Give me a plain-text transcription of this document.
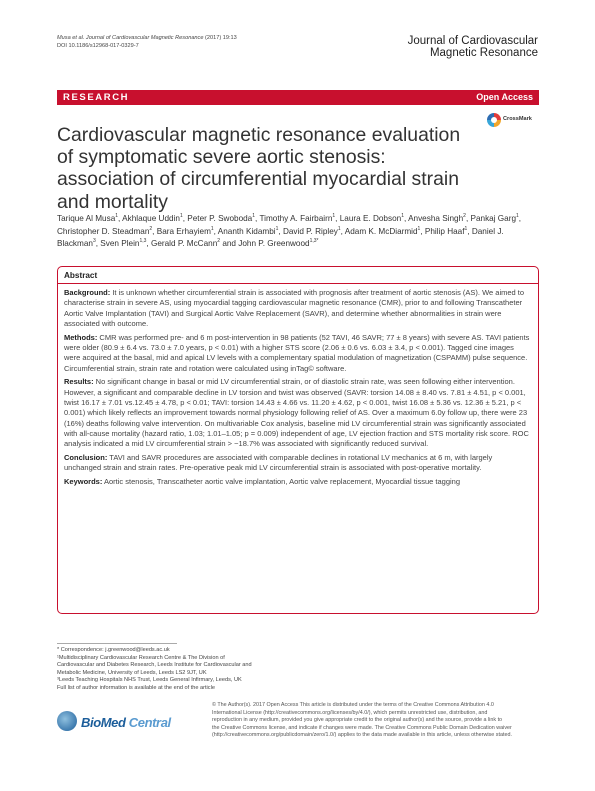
Musa et al. Journal of Cardiovascular Magnetic Resonance (2017) 19:13
DOI 10.1186/s12968-017-0329-7	Journal of Cardiovascular
Magnetic Resonance
RESEARCH	Open Access
CrossMark
Cardiovascular magnetic resonance evaluation of symptomatic severe aortic stenosis: association of circumferential myocardial strain and mortality
Tarique Al Musa$^1$, Akhlaque Uddin$^1$, Peter P. Swoboda$^1$, Timothy A. Fairbairn$^1$, Laura E. Dobson$^1$, Anvesha Singh$^2$, Pankaj Garg$^1$, Christopher D. Steadman$^2$, Bara Erhayiem$^1$, Ananth Kidambi$^1$, David P. Ripley$^1$, Adam K. McDiarmid$^1$, Philip Haaf$^1$, Daniel J. Blackman$^3$, Sven Plein$^{1,3}$, Gerald P. McCann$^2$ and John P. Greenwood$^{1,3*}$
Abstract

Background: It is unknown whether circumferential strain is associated with prognosis after treatment of aortic stenosis (AS). We aimed to characterise strain in severe AS, using myocardial tagging cardiovascular magnetic resonance (CMR), prior to and following Transcatheter Aortic Valve Implantation (TAVI) and Surgical Aortic Valve Replacement (SAVR), and determine whether abnormalities in strain were associated with outcome.

Methods: CMR was performed pre- and 6 m post-intervention in 98 patients (52 TAVI, 46 SAVR; 77 ± 8 years) with severe AS. TAVI patients were older (80.9 ± 6.4 vs. 73.0 ± 7.0 years, p < 0.01) with a higher STS score (2.06 ± 0.6 vs. 6.03 ± 3.4, p < 0.001). Tagged cine images were acquired at the basal, mid and apical LV levels with a complementary spatial modulation of magnetization (CSPAMM) pulse sequence. Circumferential strain, strain rate and rotation were calculated using inTag© software.

Results: No significant change in basal or mid LV circumferential strain, or of diastolic strain rate, was seen following either intervention. However, a significant and comparable decline in LV torsion and twist was observed (SAVR: torsion 14.08 ± 8.40 vs. 7.81 ± 4.51, p < 0.001, twist 16.17 ± 7.01 vs.12.45 ± 4.78, p < 0.01; TAVI: torsion 14.43 ± 4.66 vs. 11.20 ± 4.62, p < 0.001, twist 16.08 ± 5.36 vs. 12.36 ± 5.21, p < 0.001) which likely reflects an improvement towards normal physiology following relief of AS. Over a maximum 6.0y follow up, there were 23 (16%) deaths following valve intervention. On multivariable Cox analysis, baseline mid LV circumferential strain was significantly associated with all-cause mortality (hazard ratio, 1.03; 1.01–1.05; p = 0.009) independent of age, LV ejection fraction and STS mortality risk score. ROC analysis indicated a mid LV circumferential strain > −18.7% was associated with significantly reduced survival.

Conclusion: TAVI and SAVR procedures are associated with comparable declines in rotational LV mechanics at 6 m, with largely unchanged strain and strain rates. Pre-operative peak mid LV circumferential strain is associated with post-operative mortality.

Keywords: Aortic stenosis, Transcatheter aortic valve implantation, Aortic valve replacement, Myocardial tissue tagging

* Correspondence: j.greenwood@leeds.ac.uk
¹Multidisciplinary Cardiovascular Research Centre & The Division of
Cardiovascular and Diabetes Research, Leeds Institute for Cardiovascular and
Metabolic Medicine, University of Leeds, Leeds LS2 9JT, UK
³Leeds Teaching Hospitals NHS Trust, Leeds General Infirmary, Leeds, UK
Full list of author information is available at the end of the article
BioMed Central
© The Author(s). 2017 Open Access This article is distributed under the terms of the Creative Commons Attribution 4.0
International License (http://creativecommons.org/licenses/by/4.0/), which permits unrestricted use, distribution, and
reproduction in any medium, provided you give appropriate credit to the original author(s) and the source, provide a link to
the Creative Commons license, and indicate if changes were made. The Creative Commons Public Domain Dedication waiver
(http://creativecommons.org/publicdomain/zero/1.0/) applies to the data made available in this article, unless otherwise stated.
